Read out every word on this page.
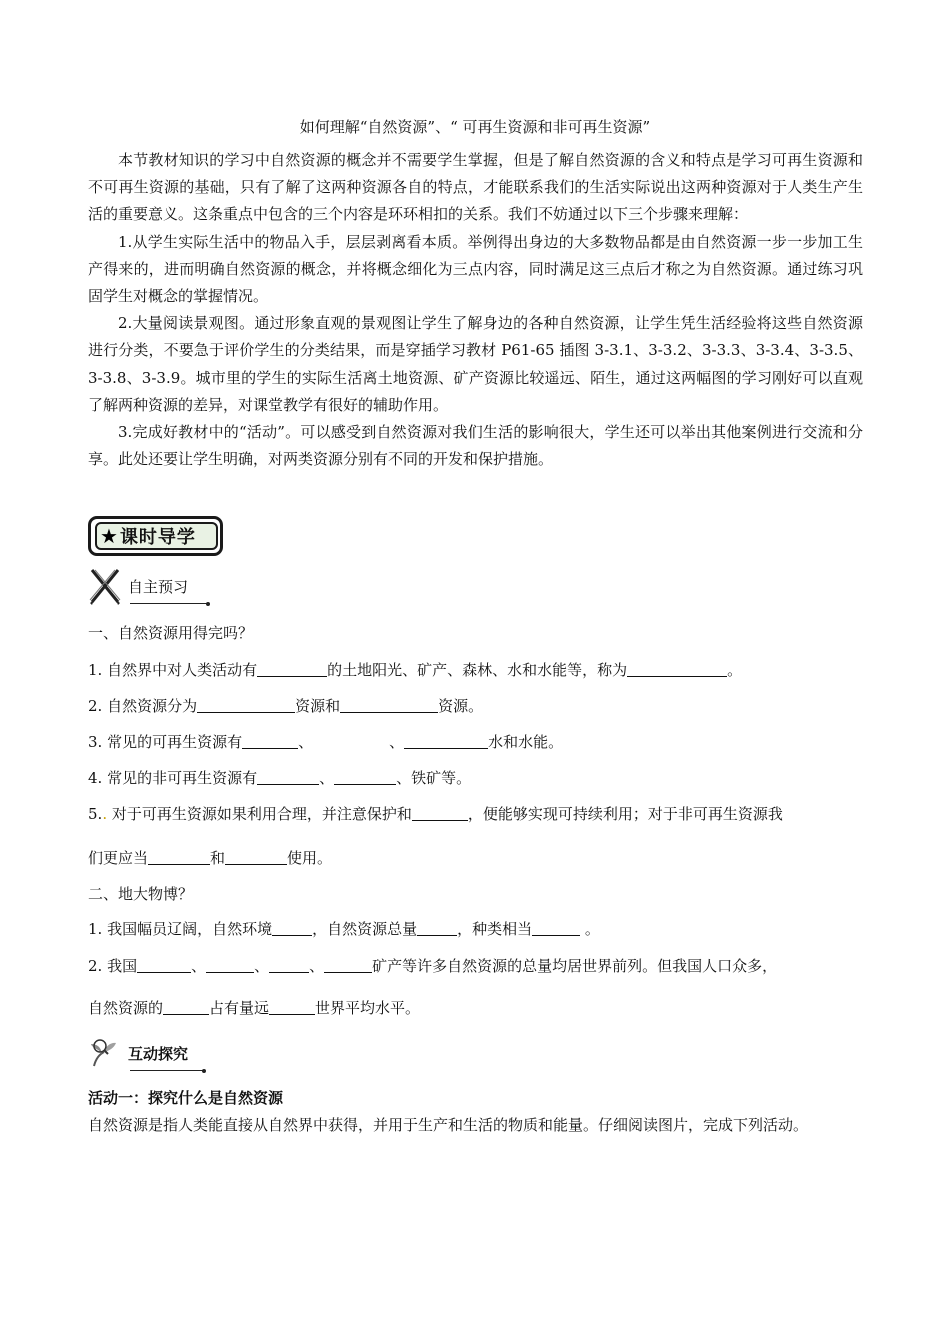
如何理解“自然资源”、“ 可再生资源和非可再生资源”

本节教材知识的学习中自然资源的概念并不需要学生掌握，但是了解自然资源的含义和特点是学习可再生资源和不可再生资源的基础，只有了解了这两种资源各自的特点，才能联系我们的生活实际说出这两种资源对于人类生产生活的重要意义。这条重点中包含的三个内容是环环相扣的关系。我们不妨通过以下三个步骤来理解：

1.从学生实际生活中的物品入手，层层剥离看本质。举例得出身边的大多数物品都是由自然资源一步一步加工生产得来的，进而明确自然资源的概念，并将概念细化为三点内容，同时满足这三点后才称之为自然资源。通过练习巩固学生对概念的掌握情况。

2.大量阅读景观图。通过形象直观的景观图让学生了解身边的各种自然资源，让学生凭生活经验将这些自然资源进行分类，不要急于评价学生的分类结果，而是穿插学习教材 P61-65 插图 3-3.1、3-3.2、3-3.3、3-3.4、3-3.5、3-3.8、3-3.9。城市里的学生的实际生活离土地资源、矿产资源比较遥远、陌生，通过这两幅图的学习刚好可以直观了解两种资源的差异，对课堂教学有很好的辅助作用。

3.完成好教材中的“活动”。可以感受到自然资源对我们生活的影响很大，学生还可以举出其他案例进行交流和分享。此处还要让学生明确，对两类资源分别有不同的开发和保护措施。

★ 课时导学
自主预习
一、自然资源用得完吗？
1. 自然界中对人类活动有	的土地阳光、矿产、森林、水和水能等，称为	。
2. 自然资源分为	资源和	资源。
3. 常见的可再生资源有	、	、	水和水能。
4. 常见的非可再生资源有	、	、铁矿等。
5.. 对于可再生资源如果利用合理，并注意保护和	，便能够实现可持续利用；对于非可再生资源我
们更应当	和	使用。
二、地大物博？
1. 我国幅员辽阔，自然环境	，自然资源总量	，种类相当	。
2. 我国	、	、	、	矿产等许多自然资源的总量均居世界前列。但我国人口众多，
自然资源的	占有量远	世界平均水平。
互动探究
活动一：探究什么是自然资源
自然资源是指人类能直接从自然界中获得，并用于生产和生活的物质和能量。仔细阅读图片，完成下列活动。
